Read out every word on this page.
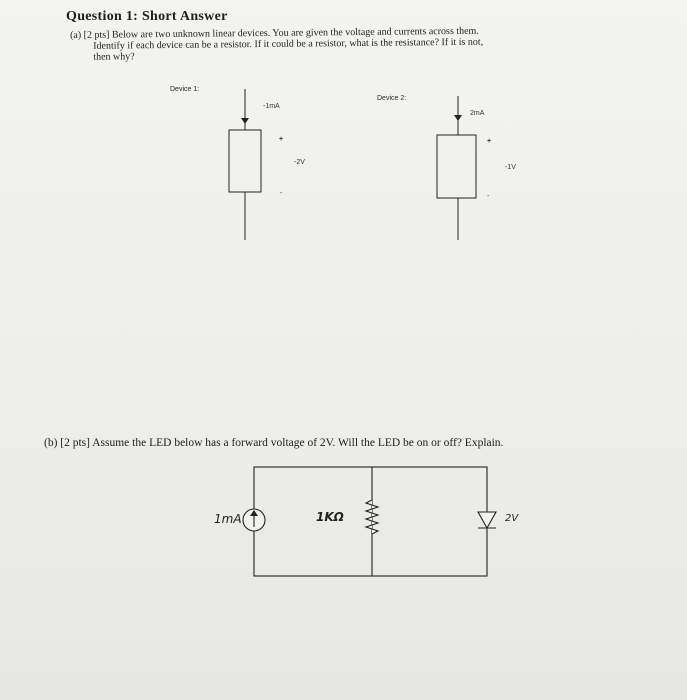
Question 1: Short Answer
(a) [2 pts] Below are two unknown linear devices. You are given the voltage and currents across them.
Identify if each device can be a resistor. If it could be a resistor, what is the resistance? If it is not,
then why?
Device 1:
Device 2:
-1mA
+
-2V
-
2mA
+
-1V
-
1mA	1KΩ	2V
(b) [2 pts] Assume the LED below has a forward voltage of 2V. Will the LED be on or off? Explain.
